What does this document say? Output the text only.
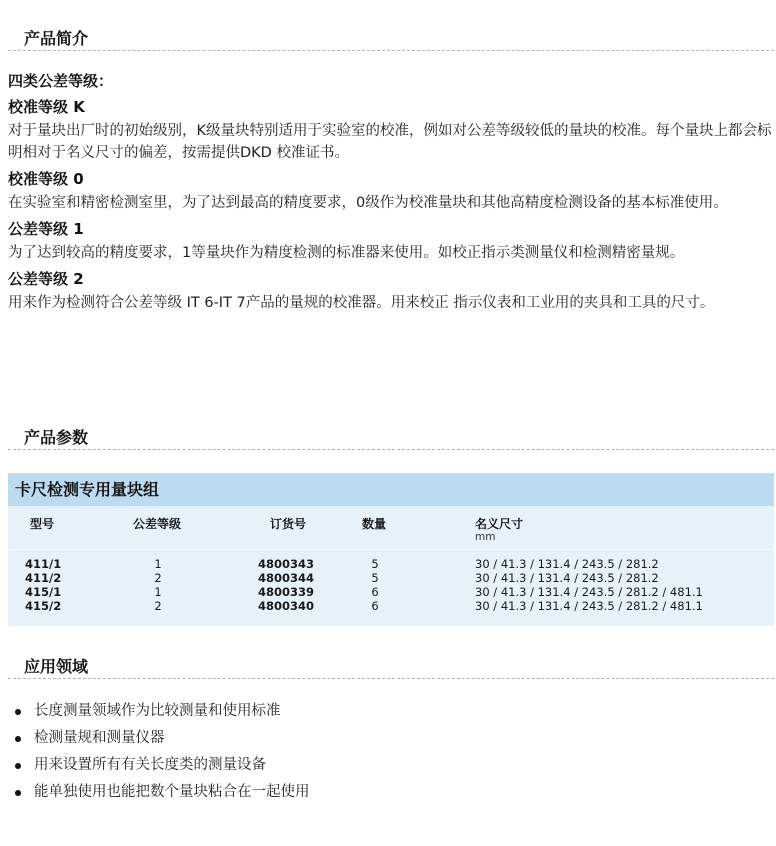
产品简介
四类公差等级：
校准等级 K
对于量块出厂时的初始级别，K级量块特别适用于实验室的校准，例如对公差等级较低的量块的校准。每个量块上都会标明相对于名义尺寸的偏差，按需提供DKD 校准证书。
校准等级 0
在实验室和精密检测室里，为了达到最高的精度要求，0级作为校准量块和其他高精度检测设备的基本标准使用。
公差等级 1
为了达到较高的精度要求，1等量块作为精度检测的标准器来使用。如校正指示类测量仪和检测精密量规。
公差等级 2
用来作为检测符合公差等级 IT 6-IT 7产品的量规的校准器。用来校正 指示仪表和工业用的夹具和工具的尺寸。
产品参数
卡尺检测专用量块组
型号	公差等级	订货号	数量	名义尺寸
mm
411/1	1	4800343	5	30 / 41.3 / 131.4 / 243.5 / 281.2
411/2	2	4800344	5	30 / 41.3 / 131.4 / 243.5 / 281.2
415/1	1	4800339	6	30 / 41.3 / 131.4 / 243.5 / 281.2 / 481.1
415/2	2	4800340	6	30 / 41.3 / 131.4 / 243.5 / 281.2 / 481.1
应用领域
长度测量领域作为比较测量和使用标准
检测量规和测量仪器
用来设置所有有关长度类的测量设备
能单独使用也能把数个量块粘合在一起使用
